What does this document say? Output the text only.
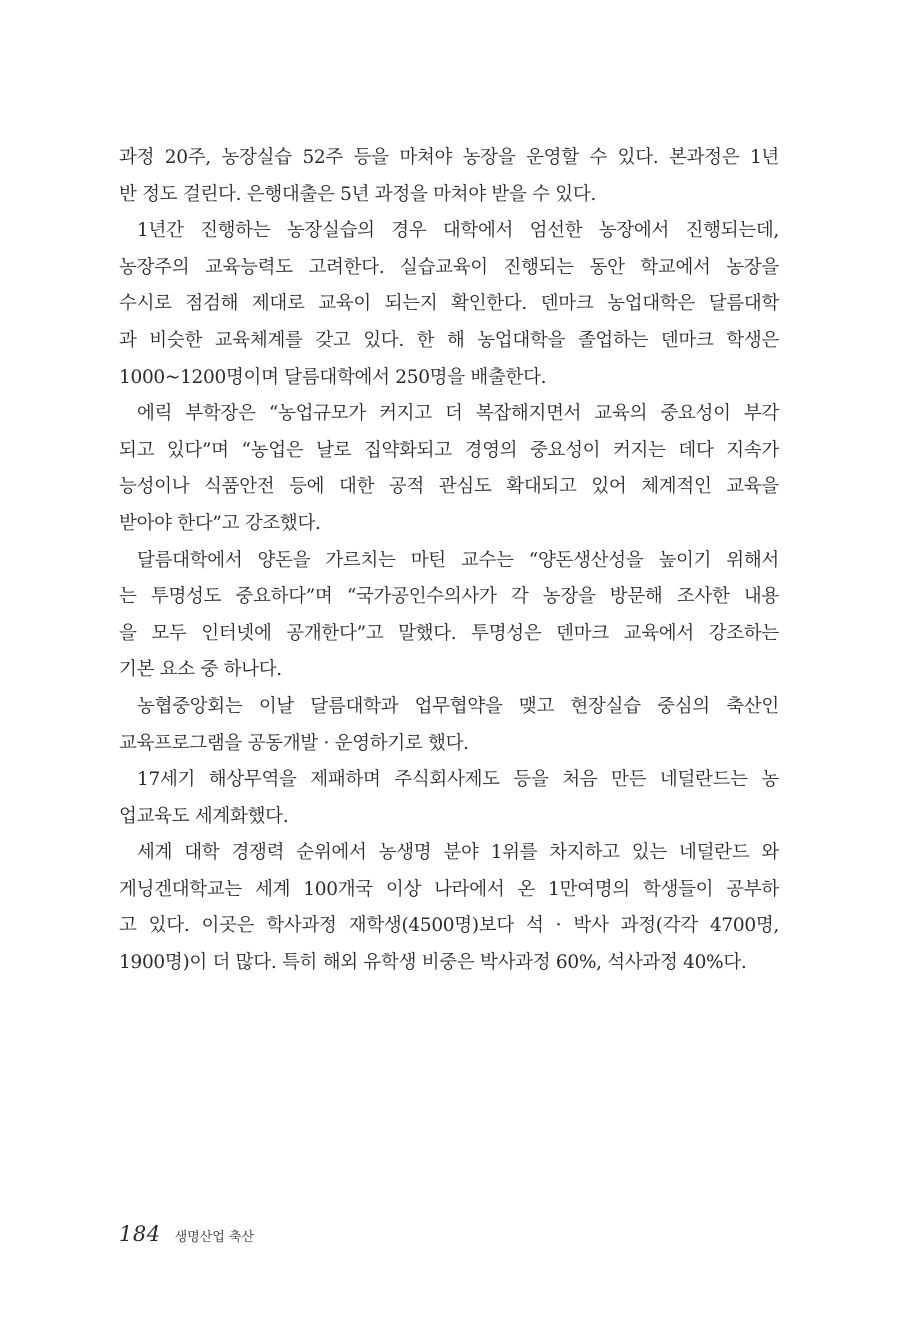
과정 20주, 농장실습 52주 등을 마쳐야 농장을 운영할 수 있다. 본과정은 1년
반 정도 걸린다. 은행대출은 5년 과정을 마쳐야 받을 수 있다.
1년간 진행하는 농장실습의 경우 대학에서 엄선한 농장에서 진행되는데,
농장주의 교육능력도 고려한다. 실습교육이 진행되는 동안 학교에서 농장을
수시로 점검해 제대로 교육이 되는지 확인한다. 덴마크 농업대학은 달름대학
과 비슷한 교육체계를 갖고 있다. 한 해 농업대학을 졸업하는 덴마크 학생은
1000~1200명이며 달름대학에서 250명을 배출한다.
에릭 부학장은 “농업규모가 커지고 더 복잡해지면서 교육의 중요성이 부각
되고 있다”며 “농업은 날로 집약화되고 경영의 중요성이 커지는 데다 지속가
능성이나 식품안전 등에 대한 공적 관심도 확대되고 있어 체계적인 교육을
받아야 한다”고 강조했다.
달름대학에서 양돈을 가르치는 마틴 교수는 “양돈생산성을 높이기 위해서
는 투명성도 중요하다”며 “국가공인수의사가 각 농장을 방문해 조사한 내용
을 모두 인터넷에 공개한다”고 말했다. 투명성은 덴마크 교육에서 강조하는
기본 요소 중 하나다.
농협중앙회는 이날 달름대학과 업무협약을 맺고 현장실습 중심의 축산인
교육프로그램을 공동개발 · 운영하기로 했다.
17세기 해상무역을 제패하며 주식회사제도 등을 처음 만든 네덜란드는 농
업교육도 세계화했다.
세계 대학 경쟁력 순위에서 농생명 분야 1위를 차지하고 있는 네덜란드 와
게닝겐대학교는 세계 100개국 이상 나라에서 온 1만여명의 학생들이 공부하
고 있다. 이곳은 학사과정 재학생(4500명)보다 석 · 박사 과정(각각 4700명,
1900명)이 더 많다. 특히 해외 유학생 비중은 박사과정 60%, 석사과정 40%다.
184 생명산업 축산
